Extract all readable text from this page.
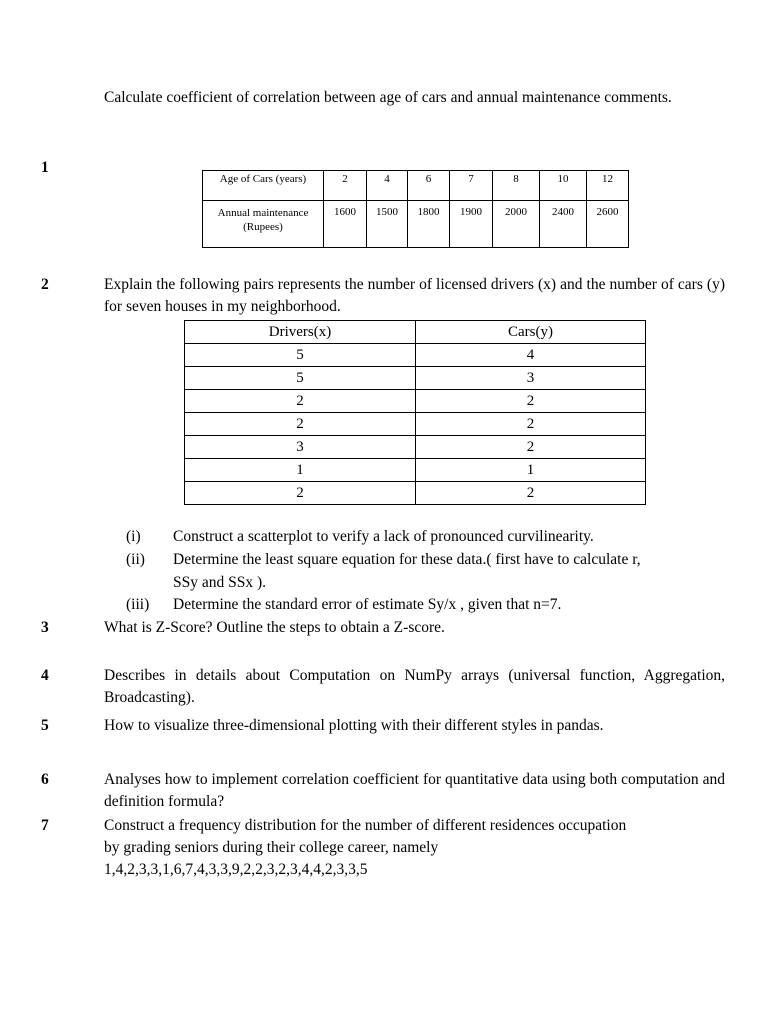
Calculate coefficient of correlation between age of cars and annual maintenance comments.
1
Age of Cars (years)	2	4	6	7	8	10	12

Annual maintenance
(Rupees)	1600	1500	1800	1900	2000	2400	2600
2	Explain the following pairs represents the number of licensed drivers (x) and the number of cars (y) for seven houses in my neighborhood.
Drivers(x)	Cars(y)
5	4
5	3
2	2
2	2
3	2
1	1
2	2
(i) Construct a scatterplot to verify a lack of pronounced curvilinearity.
(ii) Determine the least square equation for these data.( first have to calculate r,
SSy and SSx ).
(iii) Determine the standard error of estimate Sy/x , given that n=7.
3	What is Z-Score? Outline the steps to obtain a Z-score.
4	Describes in details about Computation on NumPy arrays (universal function, Aggregation, Broadcasting).
5	How to visualize three-dimensional plotting with their different styles in pandas.
6	Analyses how to implement correlation coefficient for quantitative data using both computation and definition formula?
7	Construct a frequency distribution for the number of different residences occupation
by grading seniors during their college career, namely
1,4,2,3,3,1,6,7,4,3,3,9,2,2,3,2,3,4,4,2,3,3,5
